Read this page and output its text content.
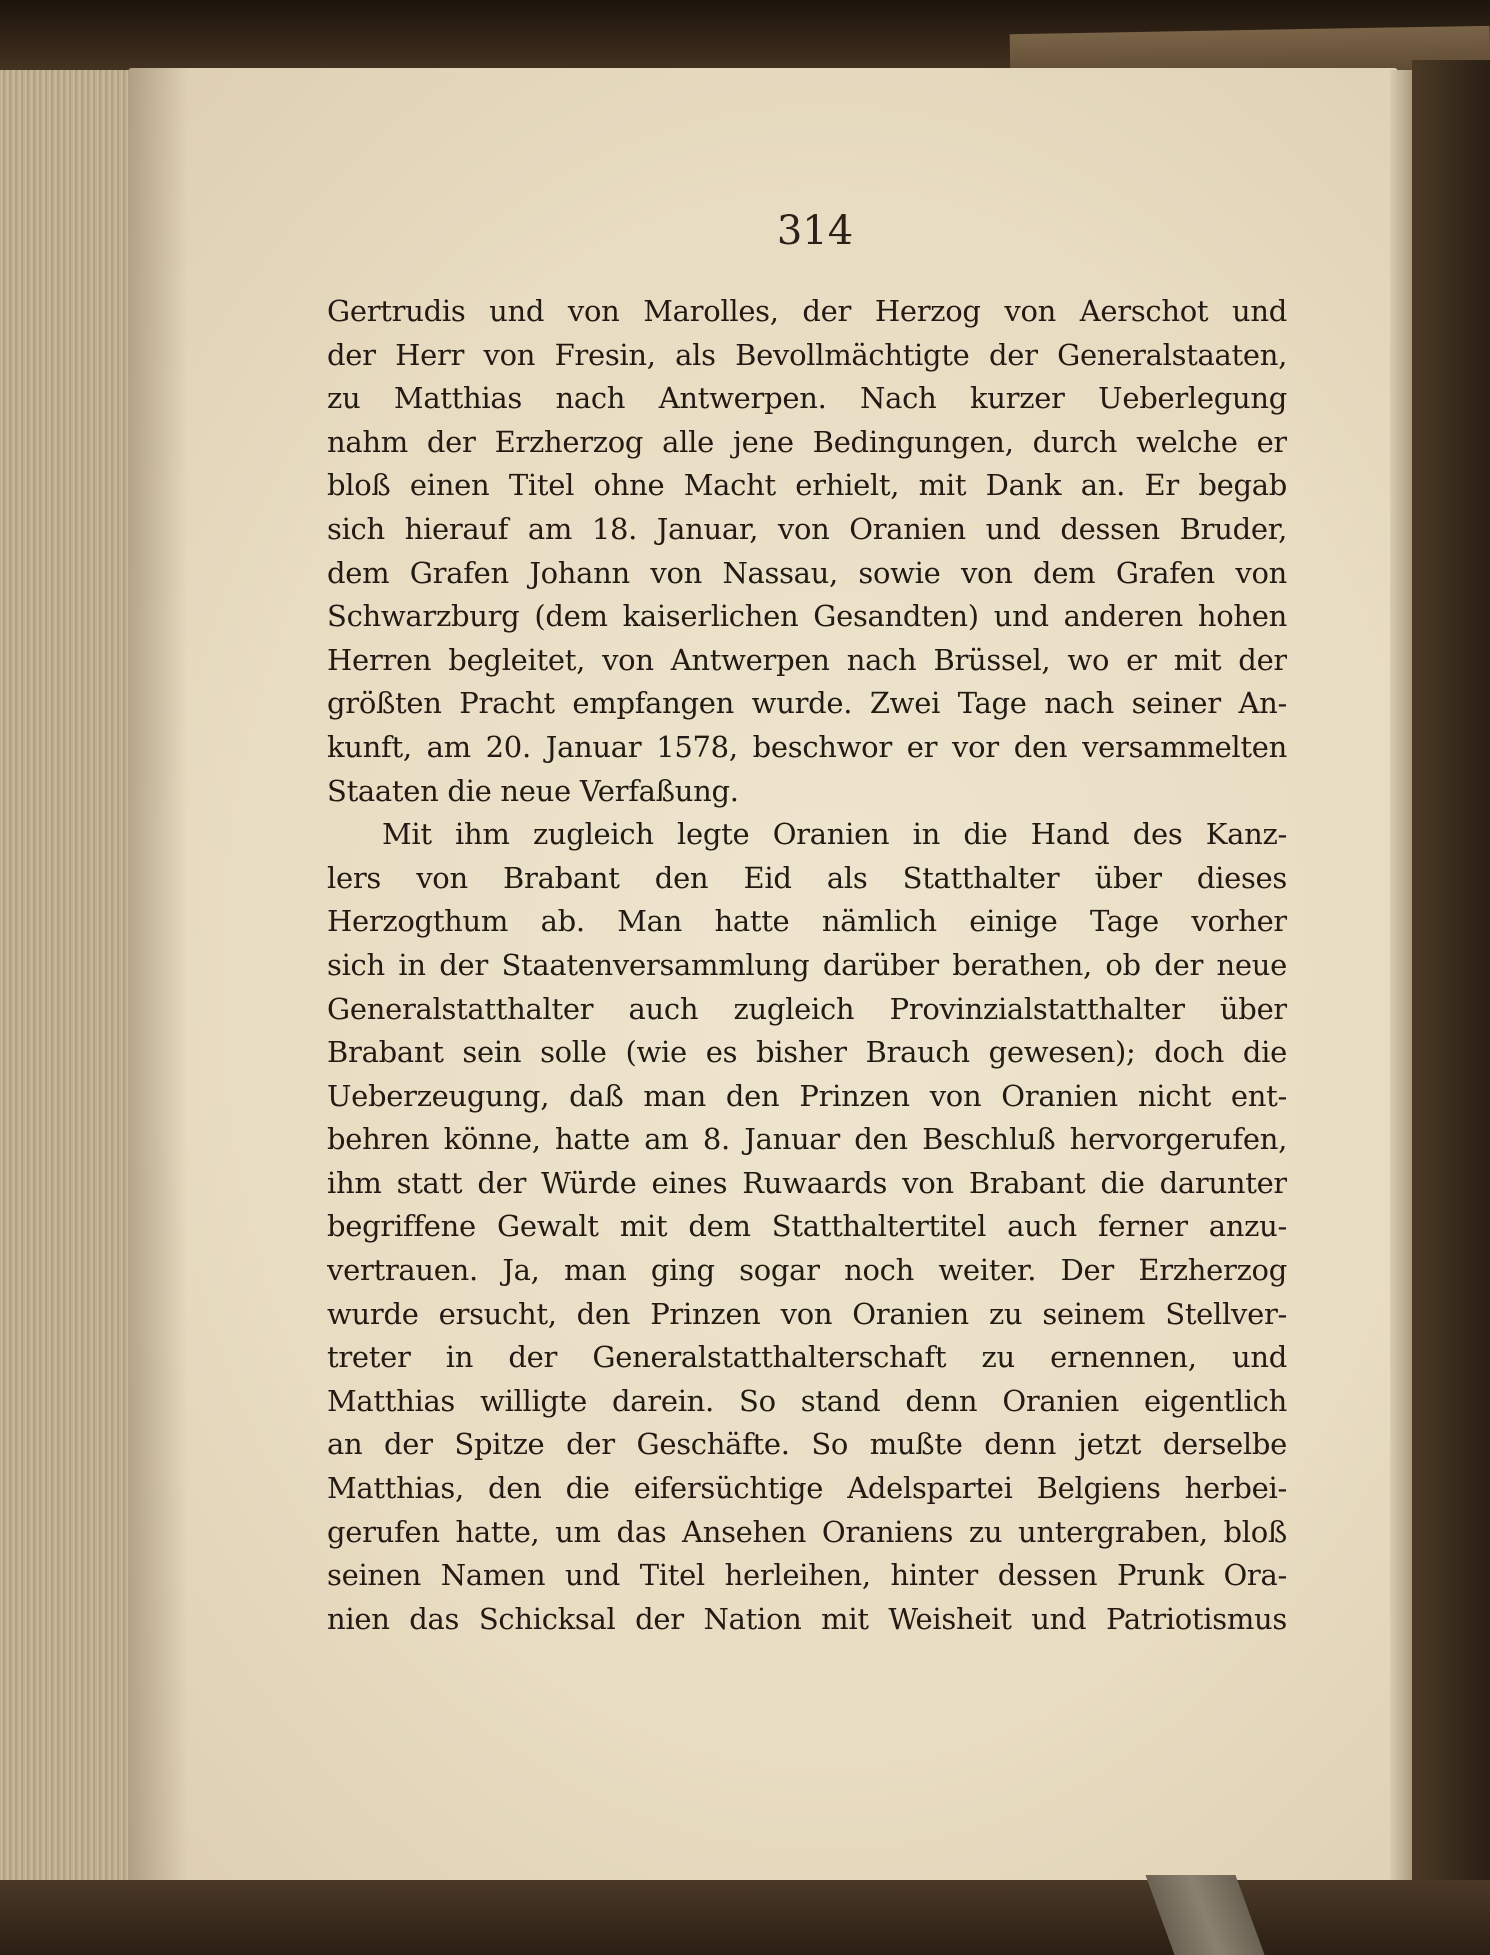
314
Gertrudis und von Marolles, der Herzog von Aerschot und
der Herr von Fresin, als Bevollmächtigte der Generalstaaten,
zu Matthias nach Antwerpen. Nach kurzer Ueberlegung
nahm der Erzherzog alle jene Bedingungen, durch welche er
bloß einen Titel ohne Macht erhielt, mit Dank an. Er begab
sich hierauf am 18. Januar, von Oranien und dessen Bruder,
dem Grafen Johann von Nassau, sowie von dem Grafen von
Schwarzburg (dem kaiserlichen Gesandten) und anderen hohen
Herren begleitet, von Antwerpen nach Brüssel, wo er mit der
größten Pracht empfangen wurde. Zwei Tage nach seiner An-
kunft, am 20. Januar 1578, beschwor er vor den versammelten
Staaten die neue Verfaßung.
Mit ihm zugleich legte Oranien in die Hand des Kanz-
lers von Brabant den Eid als Statthalter über dieses
Herzogthum ab. Man hatte nämlich einige Tage vorher
sich in der Staatenversammlung darüber berathen, ob der neue
Generalstatthalter auch zugleich Provinzialstatthalter über
Brabant sein solle (wie es bisher Brauch gewesen); doch die
Ueberzeugung, daß man den Prinzen von Oranien nicht ent-
behren könne, hatte am 8. Januar den Beschluß hervorgerufen,
ihm statt der Würde eines Ruwaards von Brabant die darunter
begriffene Gewalt mit dem Statthaltertitel auch ferner anzu-
vertrauen. Ja, man ging sogar noch weiter. Der Erzherzog
wurde ersucht, den Prinzen von Oranien zu seinem Stellver-
treter in der Generalstatthalterschaft zu ernennen, und
Matthias willigte darein. So stand denn Oranien eigentlich
an der Spitze der Geschäfte. So mußte denn jetzt derselbe
Matthias, den die eifersüchtige Adelspartei Belgiens herbei-
gerufen hatte, um das Ansehen Oraniens zu untergraben, bloß
seinen Namen und Titel herleihen, hinter dessen Prunk Ora-
nien das Schicksal der Nation mit Weisheit und Patriotismus
